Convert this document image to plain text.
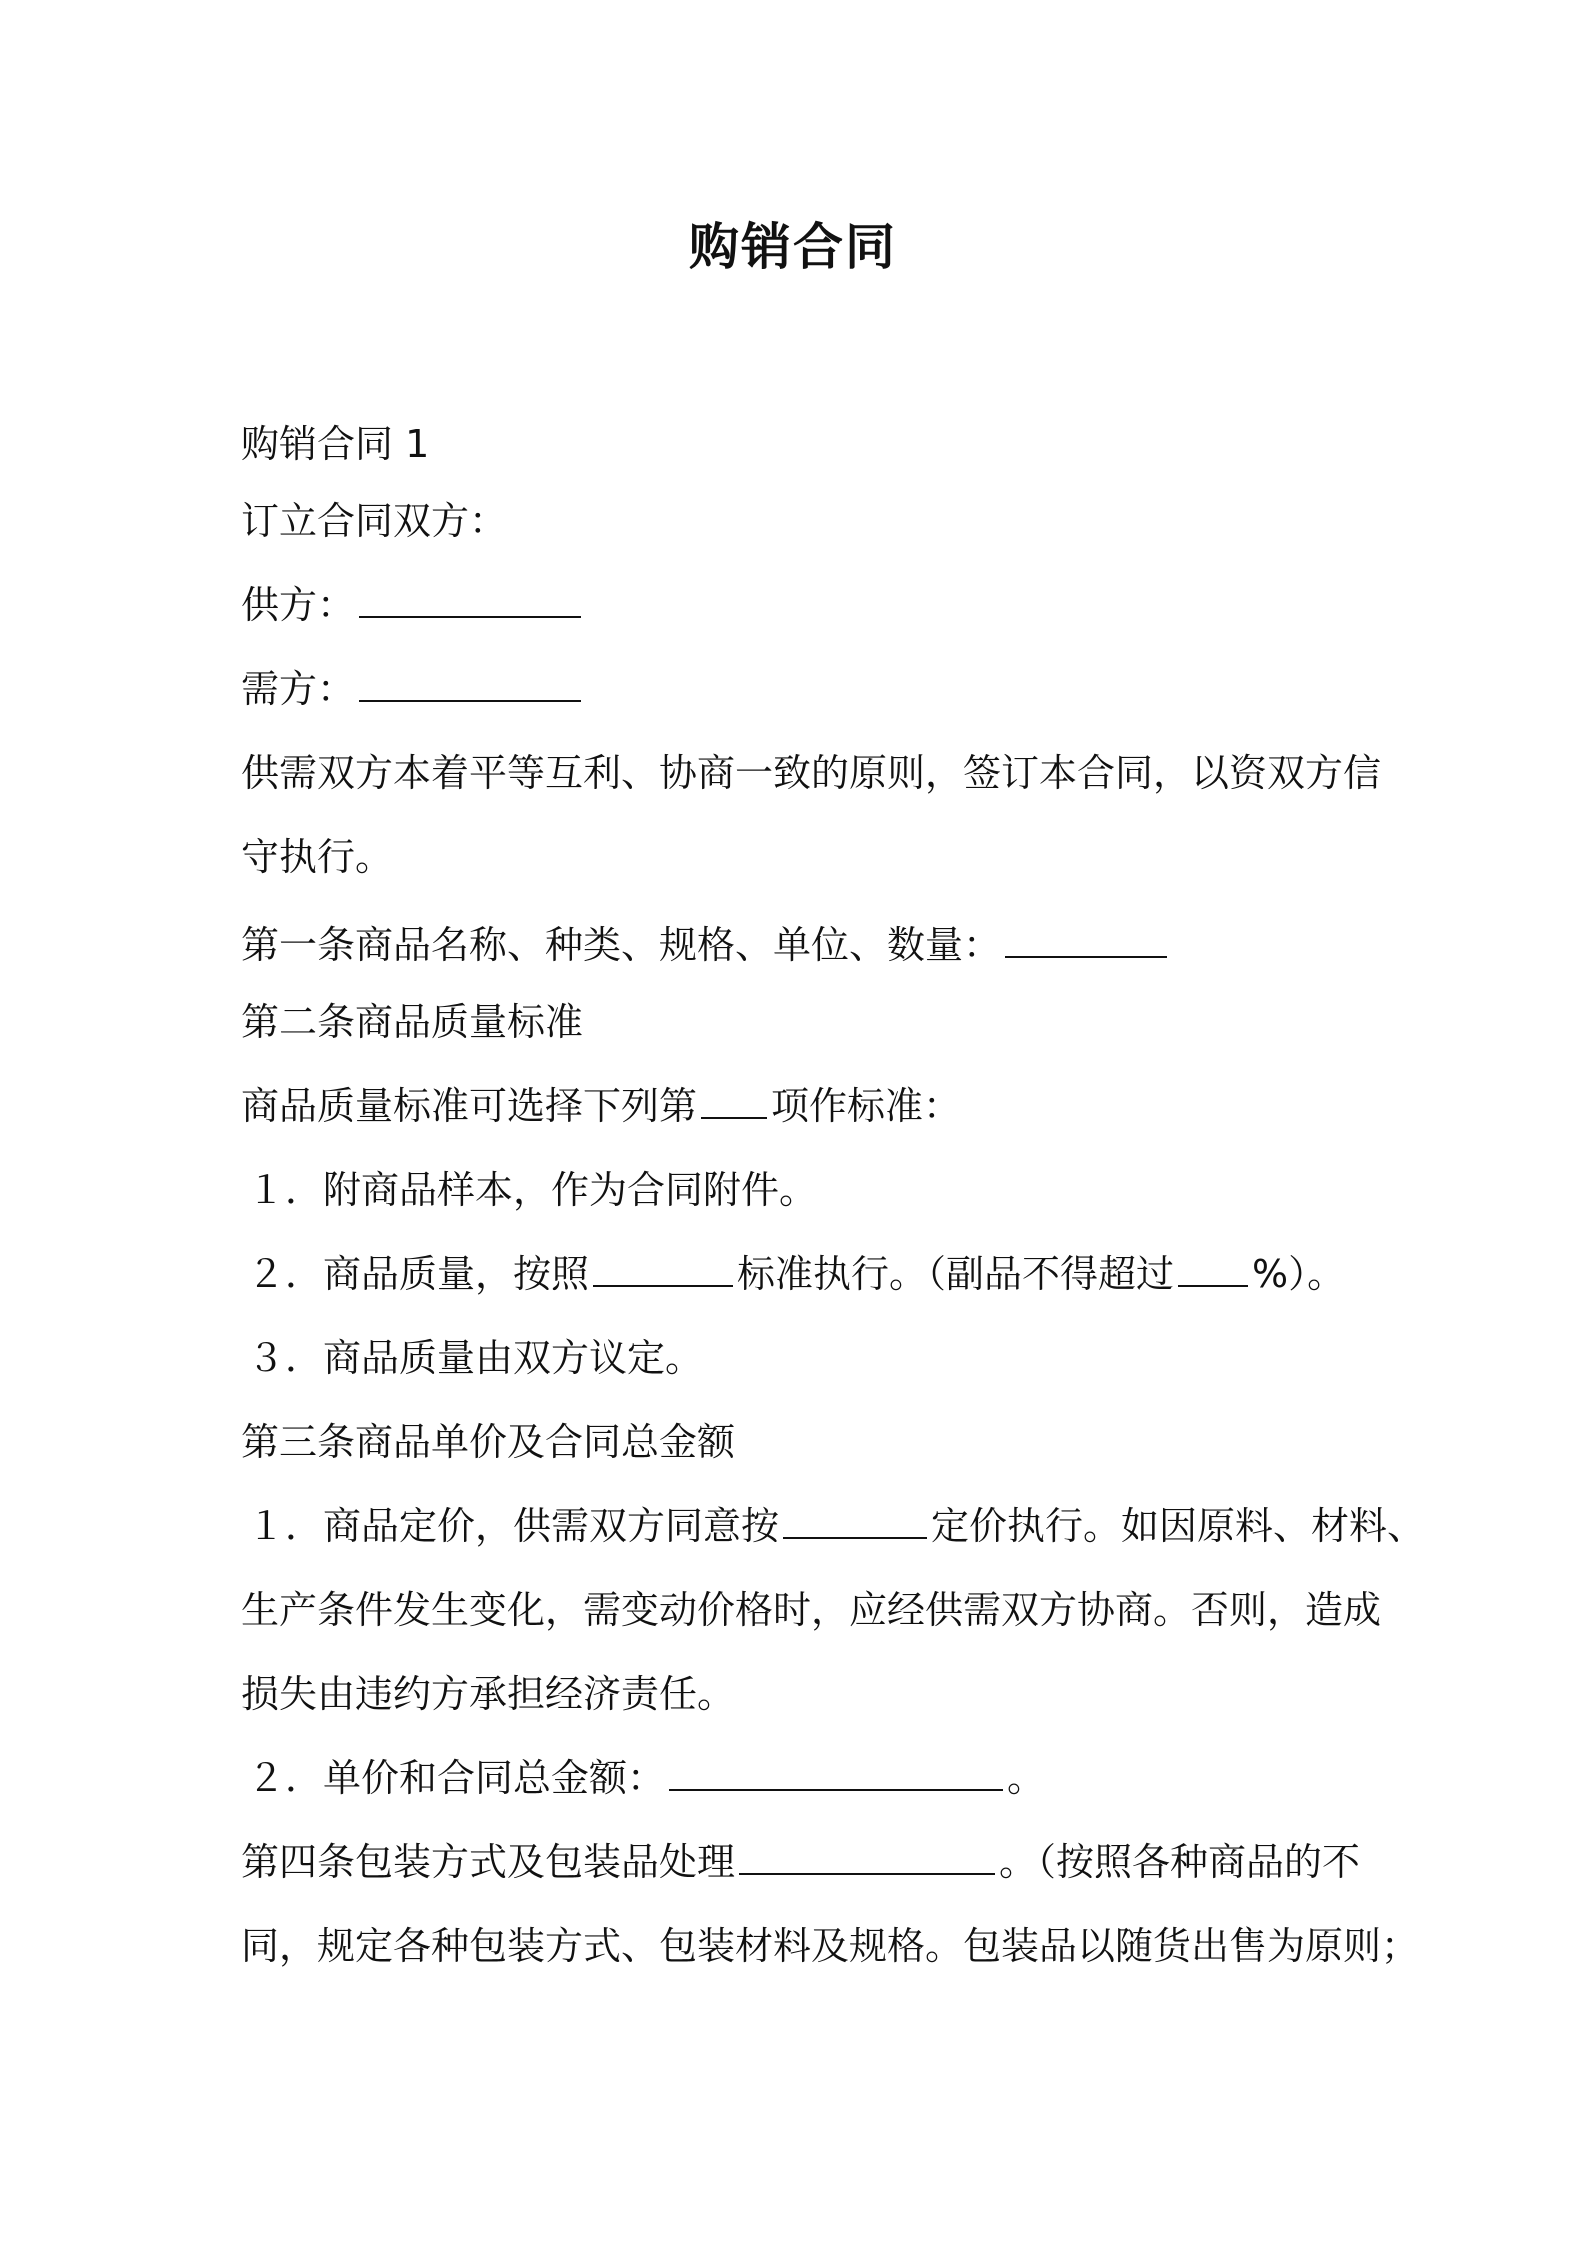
购销合同
购销合同 1
订立合同双方：
供方：
需方：
供需双方本着平等互利、协商一致的原则，签订本合同，以资双方信
守执行。
第一条商品名称、种类、规格、单位、数量：
第二条商品质量标准
商品质量标准可选择下列第 项作标准：
１．附商品样本，作为合同附件。
２．商品质量，按照	标准执行。（副品不得超过 %）。
３．商品质量由双方议定。
第三条商品单价及合同总金额
１．商品定价，供需双方同意按	定价执行。如因原料、材料、
生产条件发生变化，需变动价格时，应经供需双方协商。否则，造成
损失由违约方承担经济责任。
２．单价和合同总金额：	。
第四条包装方式及包装品处理	。（按照各种商品的不
同，规定各种包装方式、包装材料及规格。包装品以随货出售为原则；
